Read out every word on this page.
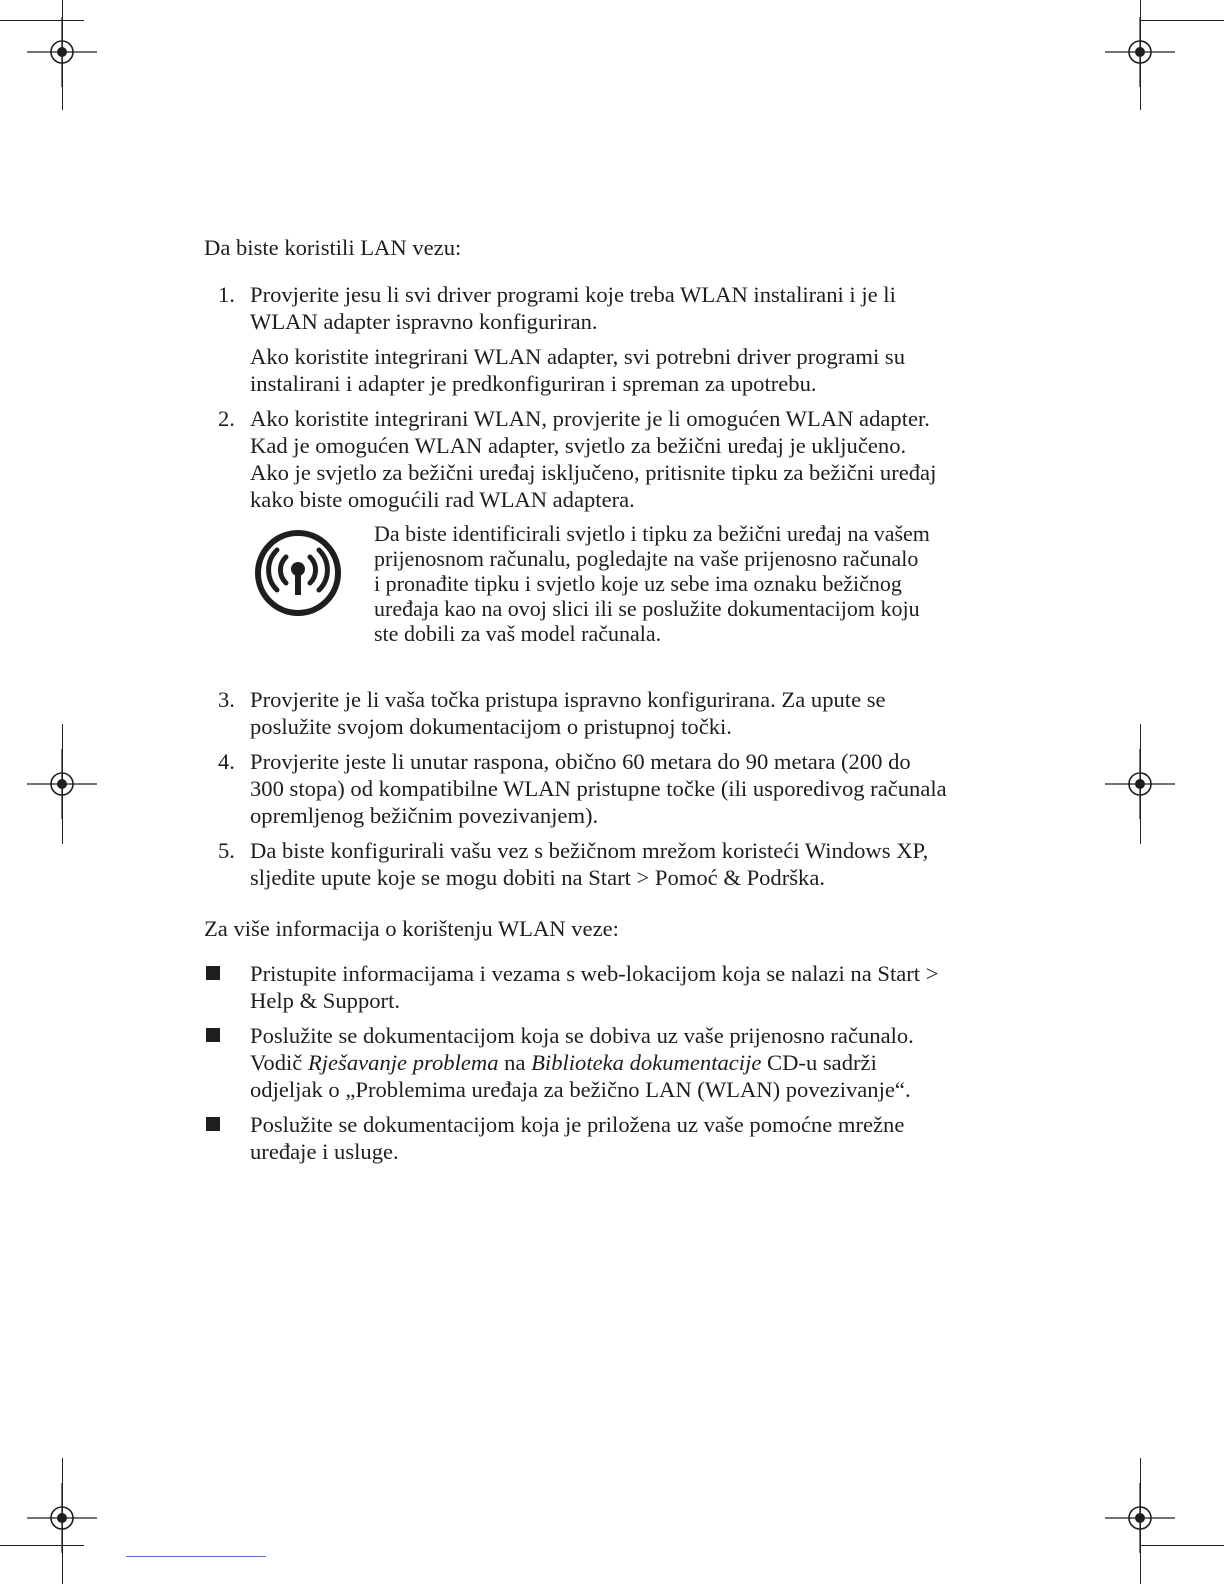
Da biste koristili LAN vezu:

1. Provjerite jesu li svi driver programi koje treba WLAN instalirani i je li
WLAN adapter ispravno konfiguriran.

Ako koristite integrirani WLAN adapter, svi potrebni driver programi su
instalirani i adapter je predkonfiguriran i spreman za upotrebu.

2. Ako koristite integrirani WLAN, provjerite je li omogućen WLAN adapter.
Kad je omogućen WLAN adapter, svjetlo za bežični uređaj je uključeno.
Ako je svjetlo za bežični uređaj isključeno, pritisnite tipku za bežični uređaj
kako biste omogućili rad WLAN adaptera.

Da biste identificirali svjetlo i tipku za bežični uređaj na vašem
prijenosnom računalu, pogledajte na vaše prijenosno računalo
i pronađite tipku i svjetlo koje uz sebe ima oznaku bežičnog
uređaja kao na ovoj slici ili se poslužite dokumentacijom koju
ste dobili za vaš model računala.

3. Provjerite je li vaša točka pristupa ispravno konfigurirana. Za upute se
poslužite svojom dokumentacijom o pristupnoj točki.

4. Provjerite jeste li unutar raspona, obično 60 metara do 90 metara (200 do
300 stopa) od kompatibilne WLAN pristupne točke (ili usporedivog računala
opremljenog bežičnim povezivanjem).

5. Da biste konfigurirali vašu vez s bežičnom mrežom koristeći Windows XP,
sljedite upute koje se mogu dobiti na Start > Pomoć & Podrška.

Za više informacija o korištenju WLAN veze:

Pristupite informacijama i vezama s web-lokacijom koja se nalazi na Start >
Help & Support.

Poslužite se dokumentacijom koja se dobiva uz vaše prijenosno računalo.
Vodič Rješavanje problema na Biblioteka dokumentacije CD-u sadrži
odjeljak o „Problemima uređaja za bežično LAN (WLAN) povezivanje“.

Poslužite se dokumentacijom koja je priložena uz vaše pomoćne mrežne
uređaje i usluge.
